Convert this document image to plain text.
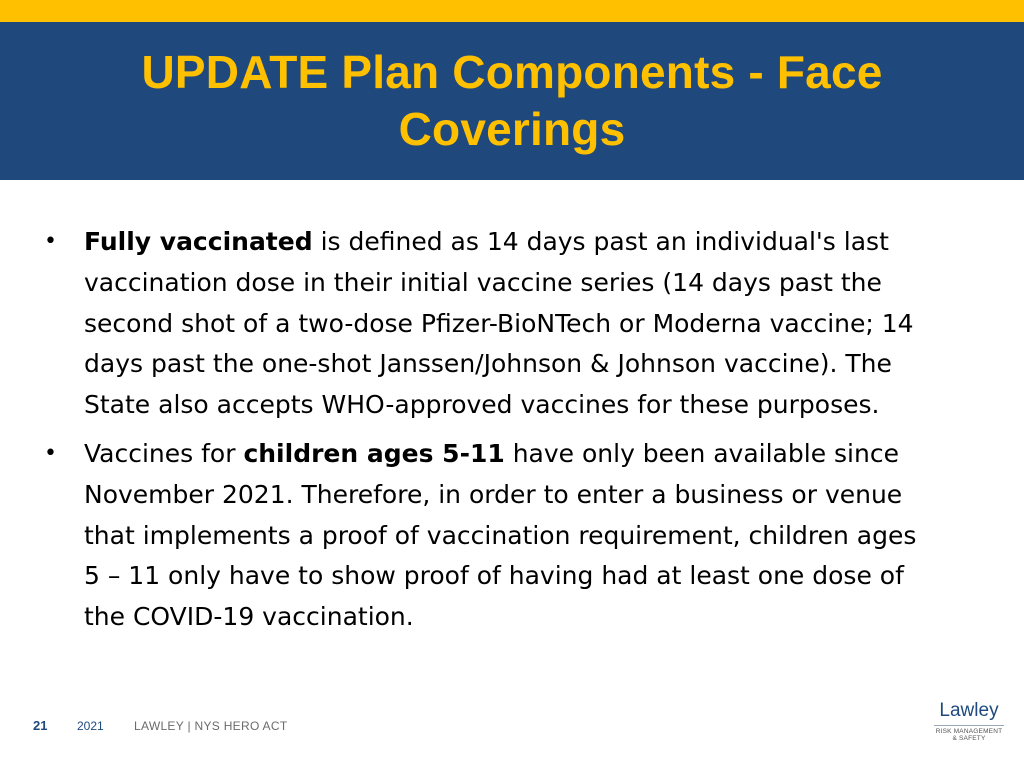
UPDATE Plan Components - Face Coverings
• Fully vaccinated is defined as 14 days past an individual's last vaccination dose in their initial vaccine series (14 days past the second shot of a two-dose Pfizer-BioNTech or Moderna vaccine; 14 days past the one-shot Janssen/Johnson & Johnson vaccine). The State also accepts WHO-approved vaccines for these purposes.
• Vaccines for children ages 5-11 have only been available since November 2021. Therefore, in order to enter a business or venue that implements a proof of vaccination requirement, children ages 5 – 11 only have to show proof of having had at least one dose of the COVID-19 vaccination.
21 2021	LAWLEY | NYS HERO ACT
Lawley
RISK MANAGEMENT
& SAFETY
